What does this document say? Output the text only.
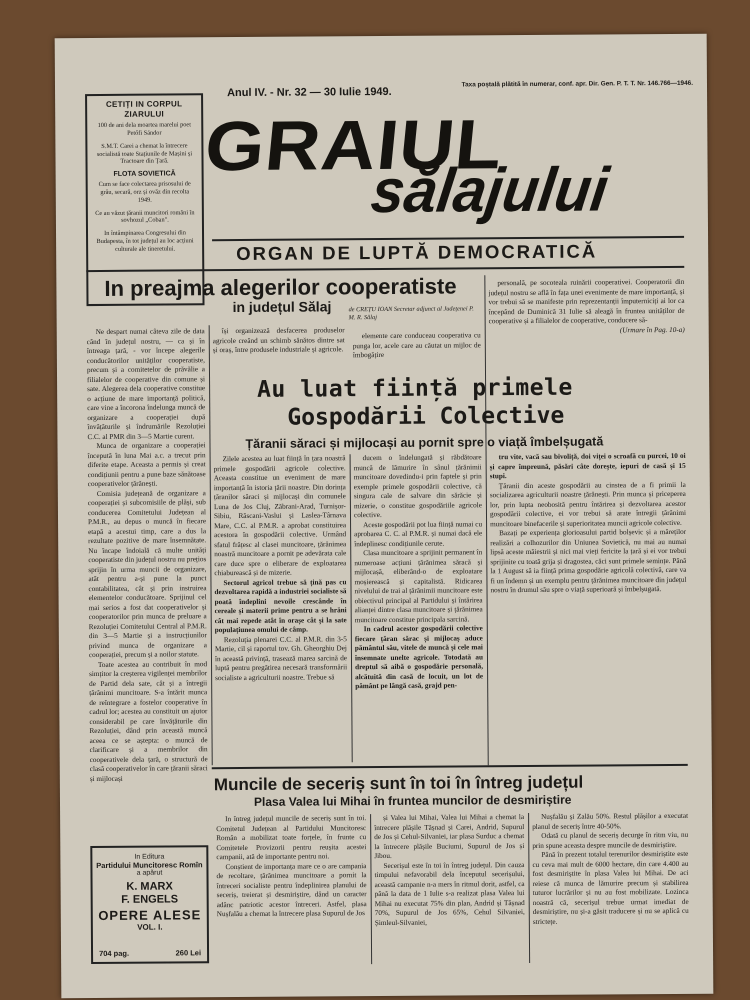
CETIȚI IN CORPUL ZIARULUI

100 de ani dela moartea marelui poet Petőfi Sándor

S.M.T. Carei a chemat la întrecere socialistă toate Stațiunile de Mașini și Tractoare din Țară.

FLOTA SOVIETICĂ

Cum se face colectarea prisosului de grâu, secară, orz și ovăz din recolta 1949.

Ce au văzut țăranii muncitori români în sovhozul „Coban".

In întâmpinarea Congresului din Budapesta, în tot județul au loc acțiuni culturale ale tineretului.

Anul IV. - Nr. 32 — 30 Iulie 1949.
Taxa poștală plătită în numerar, conf. apr. Dir. Gen. P. T. T. Nr. 146.766—1946.
GRAIUL
sălajului
ORGAN DE LUPTĂ DEMOCRATICĂ
In preajma alegerilor cooperatiste
in județul Sălaj	de CREȚU IOAN Secretar adjunct al Județenei P. M. R. Sălaj

Ne despart numai câteva zile de data când în județul nostru, — ca și în întreaga țară, - vor începe alegerile conducătorilor unităților cooperatiste, precum și a comitetelor de prăvălie a filialelor de cooperative din comune și sate. Alegerea dela cooperative constitue o acțiune de mare importanță politică, care vine a încorona îndelunga muncă de organizare a cooperației după învățăturile și îndrumările Rezoluției C.C. al PMR din 3—5 Martie curent.

Munca de organizare a cooperației începută în luna Mai a.c. a trecut prin diferite etape. Aceasta a permis și creat condițiunii pentru a pune baze sănătoase cooperativelor țărănești.

Comisia județeană de organizare a cooperației și subcomisiile de plăși, sub conducerea Comitetului Județean al P.M.R., au depus o muncă în fiecare etapă a acestui timp, care a dus la rezultate pozitive de mare însemnătate. Nu încape îndoială că multe unități cooperatiste din județul nostru nu prețios sprijin în urma muncii de organizare, atât pentru a-și pune la punct contabilitatea, cât și prin instruirea elementelor conducătoare. Sprijinul cel mai serios a fost dat cooperativelor și cooperatorilor prin munca de preluare a Rezoluției Comitetului Central al P.M.R. din 3—5 Martie și a instrucțiunilor privind munca de organizare a cooperației, precum și a noilor statute.

Toate acestea au contribuit în mod simțitor la creșterea vigilenței membrilor de Partid dela sate, cât și a întregii țărănimi muncitoare. S-a întărit munca de reîntegrare a fostelor cooperative în cadrul lor; acestea au constituit un ajutor considerabil pe care învățăturile din Rezoluției, dând prin această muncă aceea ce se aștepta: o muncă de clarificare și a membrilor din cooperativele dela țară, o structură de clasă cooperativelor în care țăranii săraci și mijlocași

își organizează desfacerea produselor agricole creând un schimb sănătos dintre sat și oraș, între produsele industriale și agricole.

elemente care conduceau cooperativa cu punga lor, acele care au căutat un mijloc de îmbogățire

personală, pe socoteala ruinării cooperativei. Cooperatorii din județul nostru se află în fața unei evenimente de mare importanță, și vor trebui să se manifeste prin reprezentanții împuterniciți ai lor ca începând de Duminică 31 Iulie să aleagă în fruntea unităților de cooperative și a filialelor de cooperative, conducere să-

(Urmare în Pag. 10-a)

Au luat ființă primele
Gospodării Colective
Țăranii săraci și mijlocași au pornit spre o viață îmbelșugată

Zilele acestea au luat ființă în țara noastră primele gospodării agricole colective. Aceasta constitue un eveniment de mare importanță în istoria țării noastre. Din dorința țăranilor săraci și mijlocași din comunele Luna de Jos Cluj, Zăbrani-Arad, Turnișor-Sibiu, Răscani-Vaslui și Laslea-Târnava Mare, C.C. al P.M.R. a aprobat constituirea acestora în gospodării colective. Urmând sfatul frățesc al clasei muncitoare, țărănimea noastră muncitoare a pornit pe adevărata cale care duce spre o eliberare de exploatarea chiaburească și de mizerie.

Sectorul agricol trebue să țină pas cu dezvoltarea rapidă a industriei socialiste să poată îndeplini nevoile crescânde în cereale și materii prime pentru a se hrăni cât mai repede atât în orașe cât și la sate populațiunea omului de câmp.

Rezoluția plenarei C.C. al P.M.R. din 3-5 Martie, cil și raportul tov. Gh. Gheorghiu Dej în această privință, trasează marea sarcină de luptă pentru pregătirea necesară transformării socialiste a agriculturii noastre. Trebue să

ducem o îndelungată și răbdătoare muncă de lămurire în sânul țărănimii muncitoare dovedindu-i prin faptele și prin exemple primele gospodării colective, că singura cale de salvare din sărăcie și mizerie, o constitue gospodăriile agricole colective.

Aceste gospodării pot lua ființă numai cu aprobarea C. C. al P.M.R. și numai dacă ele îndeplinesc condițiunile cerute.

Clasa muncitoare a sprijinit permanent în numeroase acțiuni țărănimea săracă și mijlocașă, eliberând-o de exploatare moșierească și capitalistă. Ridicarea nivelului de trai al țărănimii muncitoare este obiectivul principal al Partidului și întărirea alianței dintre clasa muncitoare și țărănimea muncitoare constitue principala sarcină.

In cadrul acestor gospodării colective fiecare țăran sărac și mijlocaș aduce pământul său, vitele de muncă și cele mai însemnate unelte agricole. Totodată au dreptul să aibă o gospodărie personală, alcătuită din casă de locuit, un lot de pământ pe lângă casă, grajd pen-

tru vite, vacă sau bivoliță, doi viței o scroafă cu purcei, 10 oi și capre împreună, păsări câte dorește, iepuri de casă și 15 stupi.

Țăranii din aceste gospodării au cinstea de a fi primii la socializarea agriculturii noastre țărănești. Prin munca și priceperea lor, prin lupta neobosită pentru întărirea și dezvoltarea acestor gospodării colective, ei vor trebui să arate întregii țărănimi muncitoare binefacerile și superioritatea muncii agricole colective.

Bazați pe experiența glorioasului partid bolșevic și a măreților realizări a colhozurilor din Uniunea Sovietică, nu mai au numai lipsă aceste măiestrii și nici mai vieți fericite la țară și ei vor trebui sprijinite cu toată grija și dragostea, căci sunt primele semințe. Până la 1 August să ia ființă prima gospodărie agricolă colectivă, care va fi un îndemn și un exemplu pentru țărănimea muncitoare din județul nostru în drumul său spre o viață superioară și îmbelșugată.

Muncile de seceriș sunt în toi în întreg județul
Plasa Valea lui Mihai în fruntea muncilor de desmiriștire

In întreg județul muncile de seceriș sunt în toi. Comitetul Județean al Partidului Muncitoresc Român a mobilizat toate forțele, în frunte cu Comitetele Provizorii pentru reușita acestei campanii, ată de importante pentru noi.

Conștient de importanța mare ce o are campania de recoltare, țărănimea muncitoare a pornit la întreceri socialiste pentru îndeplinirea planului de seceriș, treierat și desmiriștire, dând un caracter adânc patriotic acestor întreceri. Astfel, plasa Nușfalău a chemat la întrecere plasa Supurul de Jos

și Valea lui Mihai, Valea lui Mihai a chemat la întrecere plășile Tășnad și Carei, Andrid, Supurul de Jos și Cehul-Silvaniei, iar plasa Surduc a chemat la întrecere plășile Buciumi, Supurul de Jos și Jibou.

Secerișul este în toi în întreg județul. Din cauza timpului nefavorabil dela începutul secerișului, această campanie n-a mers în ritmul dorit, astfel, ca până la data de 1 Iulie s-a realizat plasa Valea lui Mihai nu executat 75% din plan, Andrid și Tășnad 70%, Supurul de Jos 65%, Cehul Silvaniei, Șimleul-Silvaniei,

Nușfalău și Zalău 50%. Restul plășilor a executat planul de seceriș între 40-50%.

Odată cu planul de seceriș decurge în ritm viu, nu prin spune aceasta despre muncile de desmiriștire.

Până în prezent totalul terenurilor desmiriștite este cu ceva mai mult de 6000 hectare, din care 4.400 au fost desmiriștite în plasa Valea lui Mihai. De aci reiese că munca de lămurire precum și stabilirea tuturor lucrărilor și nu au fost mobilizate. Lozinca noastră că, secerișul trebue urmat imediat de desmiriștire, nu și-a găsit traducere și nu se aplică cu strictețe.

In Editura
Partidului Muncitoresc Romîn
a apărut
K. MARX
F. ENGELS
OPERE ALESE
VOL. I.
704 pag.	260 Lei
